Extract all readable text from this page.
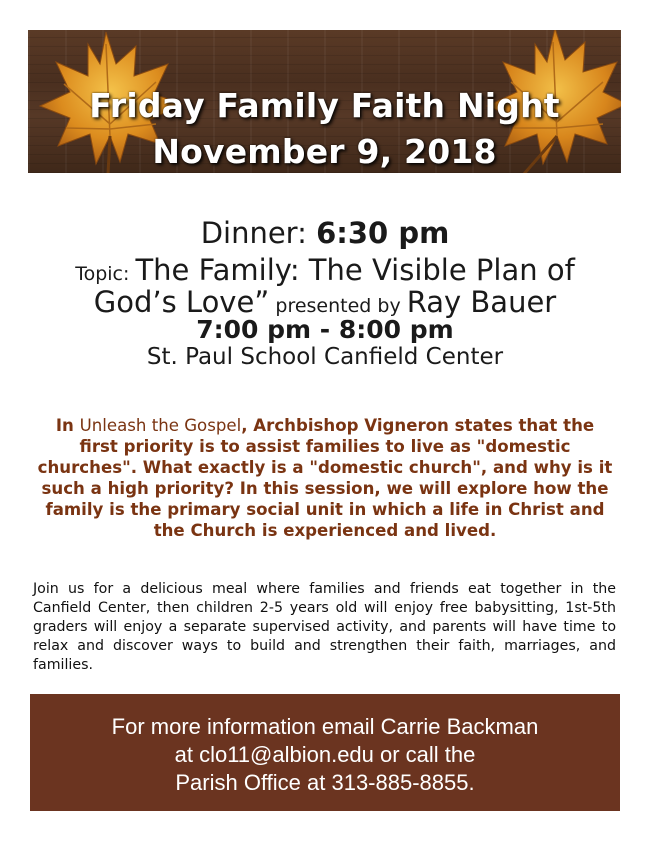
Friday Family Faith Night
November 9, 2018
Dinner: 6:30 pm
Topic: The Family: The Visible Plan of
God’s Love” presented by Ray Bauer
7:00 pm - 8:00 pm
St. Paul School Canfield Center
In Unleash the Gospel, Archbishop Vigneron states that the first priority is to assist families to live as "domestic churches". What exactly is a "domestic church", and why is it such a high priority? In this session, we will explore how the family is the primary social unit in which a life in Christ and the Church is experienced and lived.
Join us for a delicious meal where families and friends eat together in the Canfield Center, then children 2-5 years old will enjoy free babysitting, 1st-5th graders will enjoy a separate supervised activity, and parents will have time to relax and discover ways to build and strengthen their faith, marriages, and families.
For more information email Carrie Backman
at clo11@albion.edu or call the
Parish Office at 313-885-8855.
